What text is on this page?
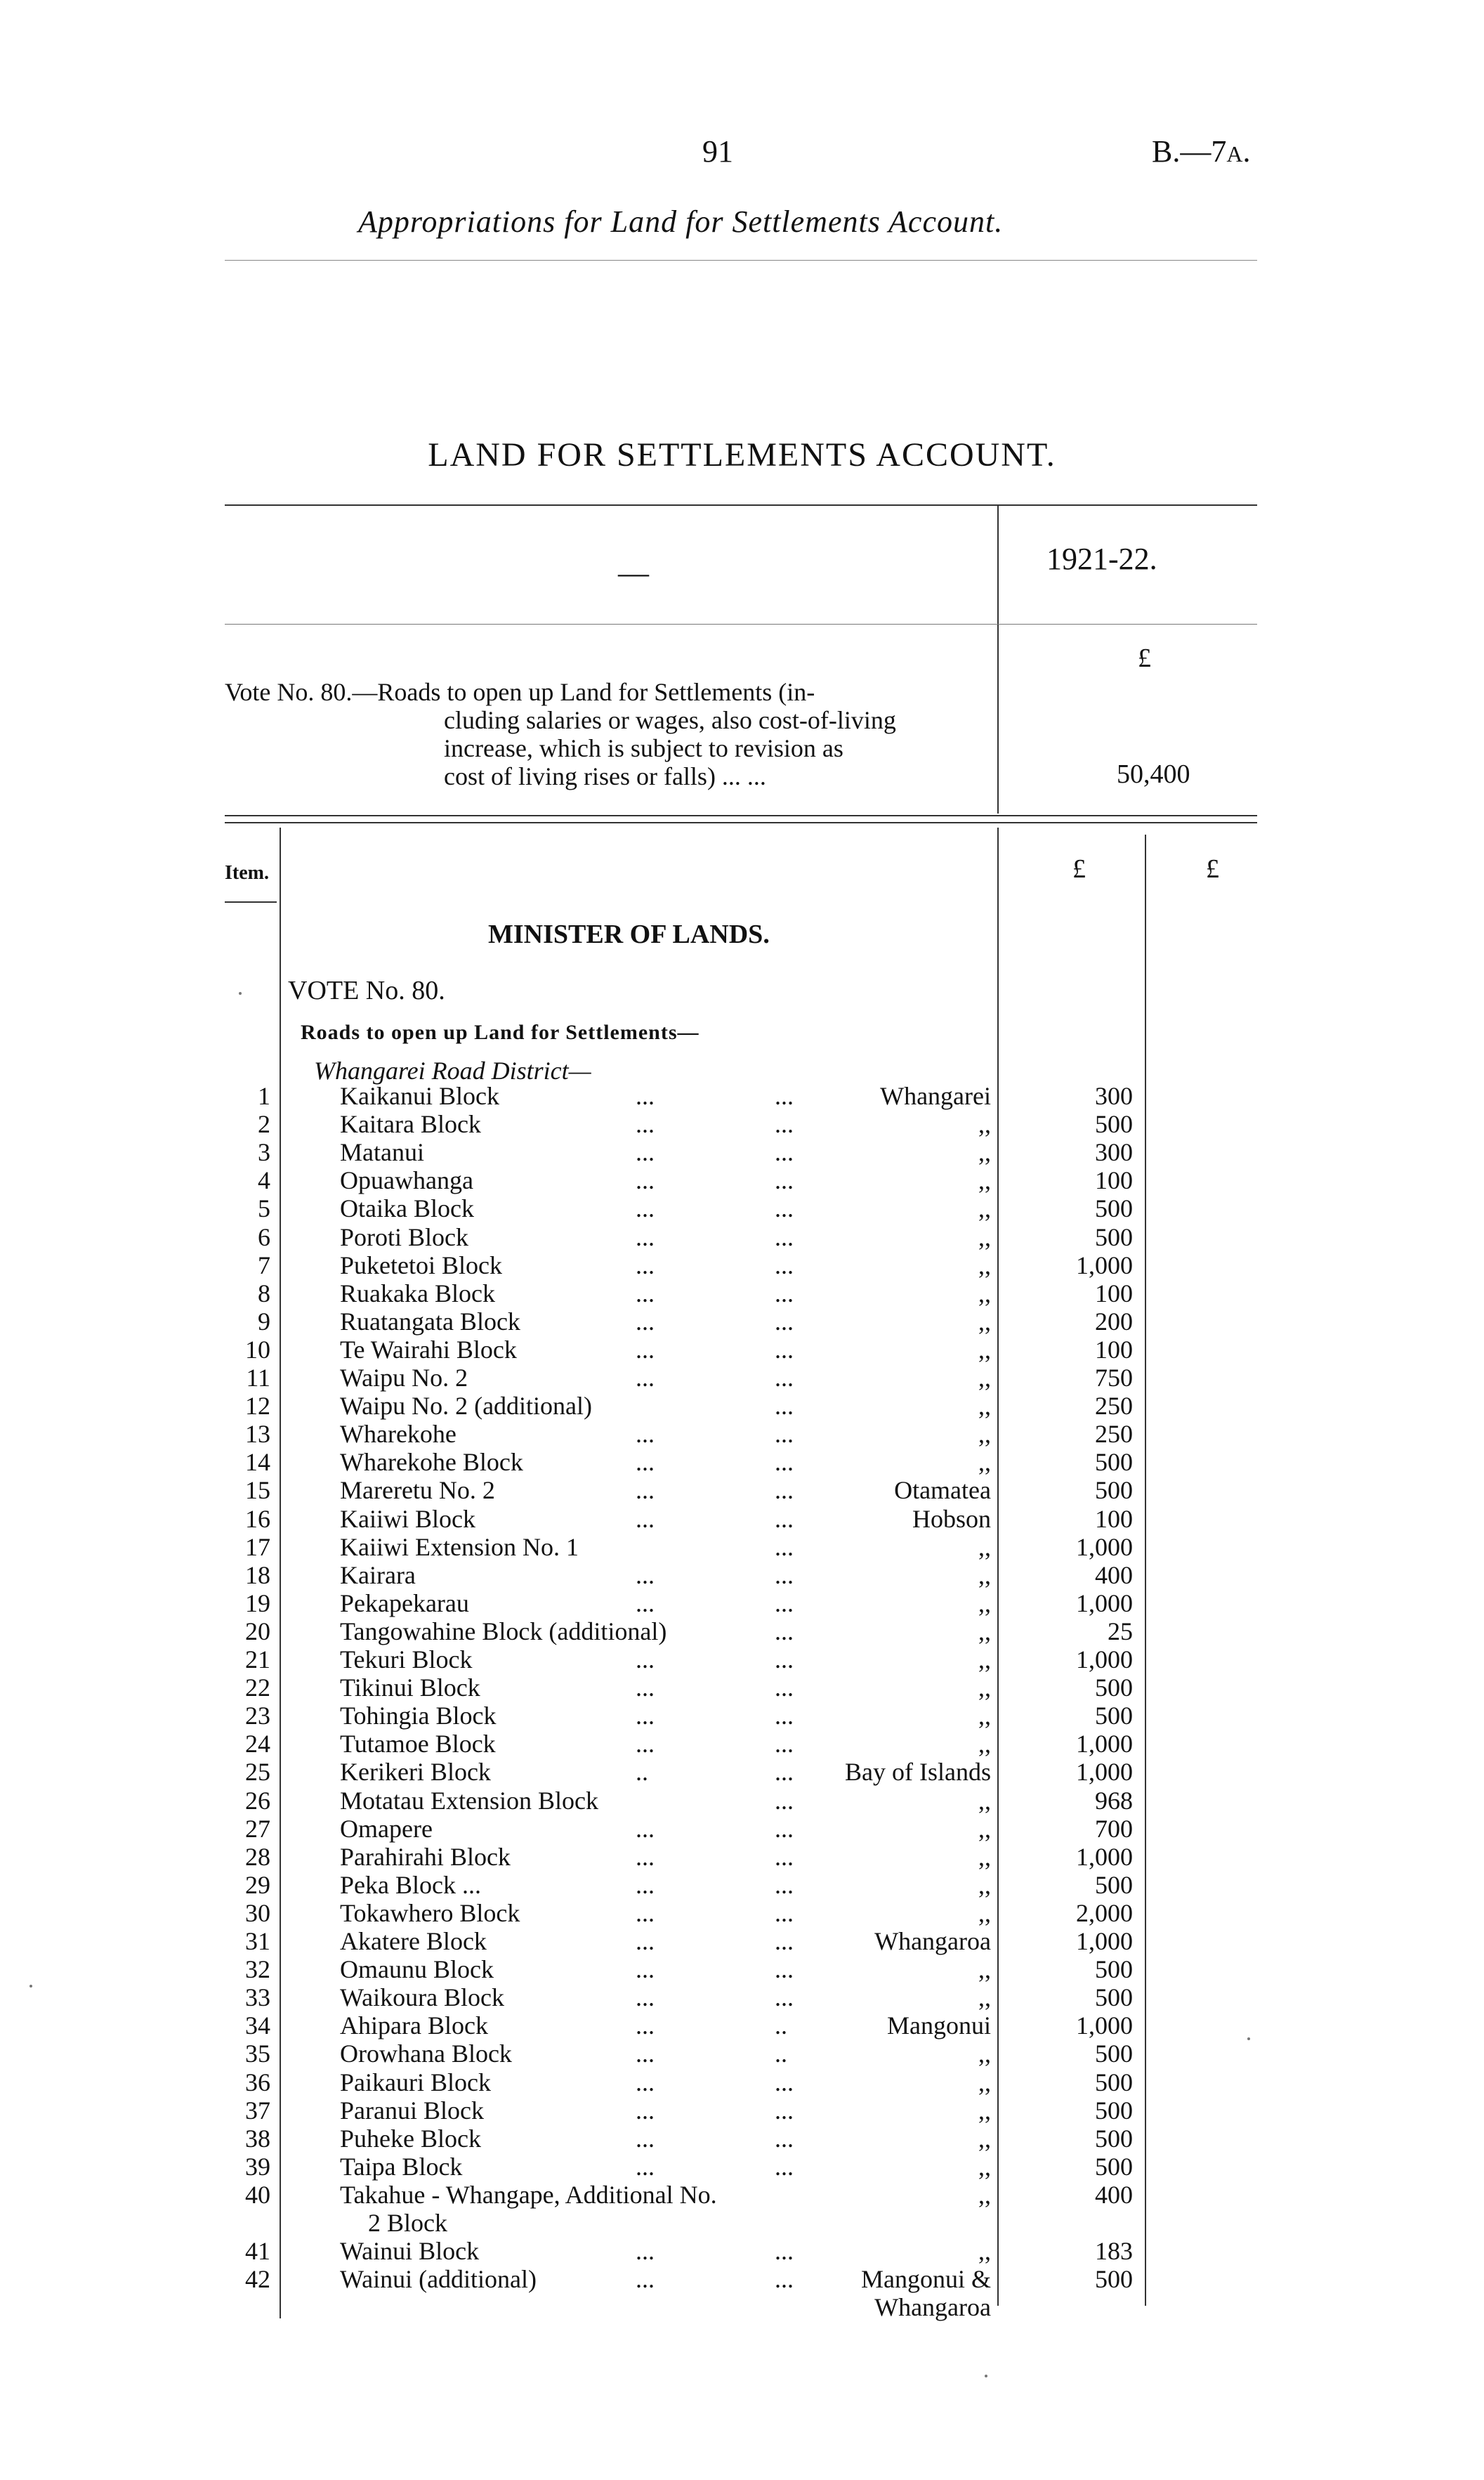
91	B.—7A.
Appropriations for Land for Settlements Account.
LAND FOR SETTLEMENTS ACCOUNT.
—	1921-22.
£
Vote No. 80.—Roads to open up Land for Settlements (in-
cluding salaries or wages, also cost-of-living
increase, which is subject to revision as
cost of living rises or falls) ... ...	50,400
Item.	£	£
MINISTER OF LANDS.
VOTE No. 80.
Roads to open up Land for Settlements—
Whangarei Road District—
1	Kaikanui Block	...	...	Whangarei	300
2	Kaitara Block	...	...	,,	500
3	Matanui	...	...	,,	300
4	Opuawhanga	...	...	,,	100
5	Otaika Block	...	...	,,	500
6	Poroti Block	...	...	,,	500
7	Puketetoi Block	...	...	,,	1,000
8	Ruakaka Block	...	...	,,	100
9	Ruatangata Block	...	...	,,	200
10	Te Wairahi Block	...	...	,,	100
11	Waipu No. 2	...	...	,,	750
12	Waipu No. 2 (additional)	...	,,	250
13	Wharekohe	...	...	,,	250
14	Wharekohe Block	...	...	,,	500
15	Mareretu No. 2	...	...	Otamatea	500
16	Kaiiwi Block	...	...	Hobson	100
17	Kaiiwi Extension No. 1	...	,,	1,000
18	Kairara	...	...	,,	400
19	Pekapekarau	...	...	,,	1,000
20	Tangowahine Block (additional)	...	,,	25
21	Tekuri Block	...	...	,,	1,000
22	Tikinui Block	...	...	,,	500
23	Tohingia Block	...	...	,,	500
24	Tutamoe Block	...	...	,,	1,000
25	Kerikeri Block	..	... Bay of Islands	1,000
26	Motatau Extension Block	...	,,	968
27	Omapere	...	...	,,	700
28	Parahirahi Block	...	...	,,	1,000
29	Peka Block ...	...	...	,,	500
30	Tokawhero Block	...	...	,,	2,000
31	Akatere Block	...	...	Whangaroa	1,000
32	Omaunu Block	...	...	,,	500
33	Waikoura Block	...	...	,,	500
34	Ahipara Block	...	..	Mangonui	1,000
35	Orowhana Block	...	..	,,	500
36	Paikauri Block	...	...	,,	500
37	Paranui Block	...	...	,,	500
38	Puheke Block	...	...	,,	500
39	Taipa Block	...	...	,,	500
40	Takahue - Whangape, Additional No.	,,	400
2 Block
41	Wainui Block	...	...	,,	183
42	Wainui (additional)	...	...	Mangonui &	500
Whangaroa
